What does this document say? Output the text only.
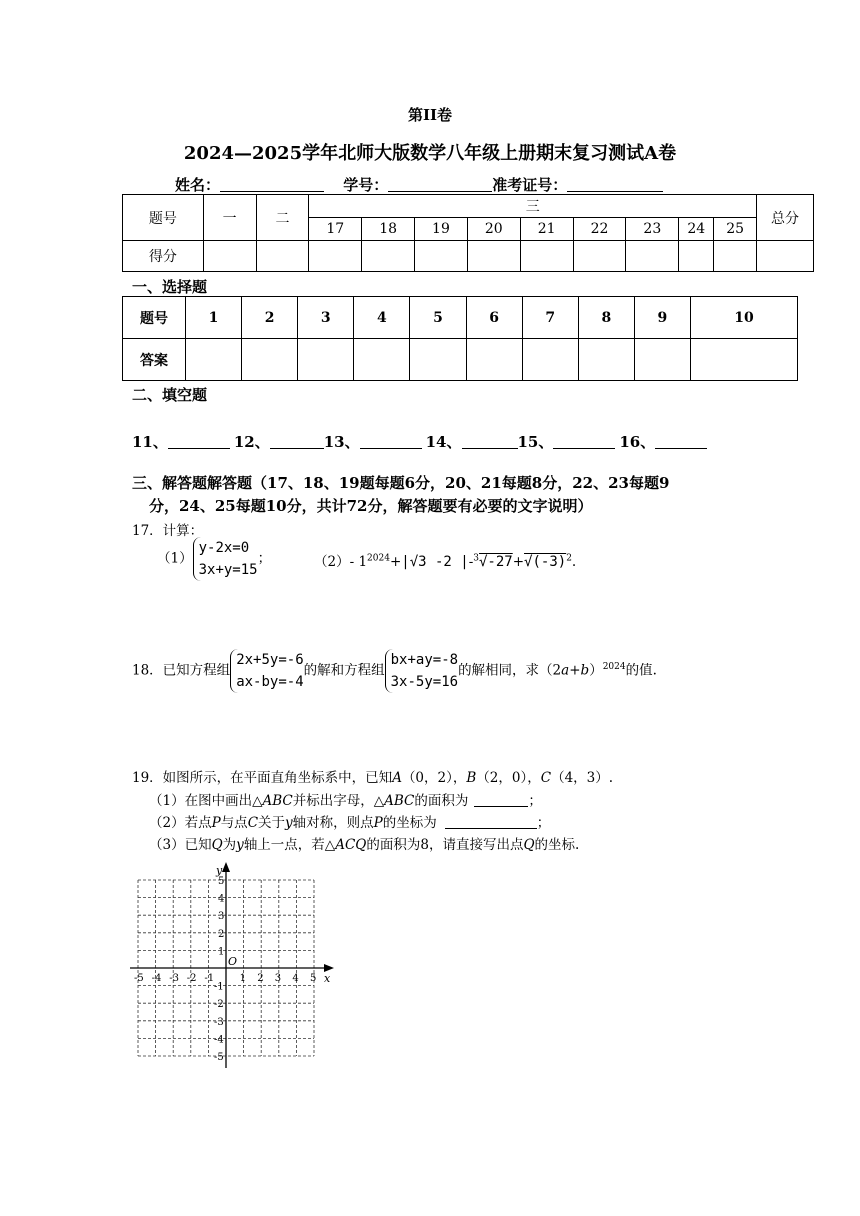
第II卷
2024—2025学年北师大版数学八年级上册期末复习测试A卷
姓名：	学号：	准考证号：
题号	一	二	三									总分
			17	18	19	20	21	22	23	24	25	
得分												
一、选择题
题号	1	2	3	4	5	6	7	8	9	10
答案										
二、填空题
11、	12、	13、	14、	15、	16、
三、解答题解答题（17、18、19题每题6分，20、21每题8分，22、23每题9
分，24、25每题10分，共计72分，解答题要有必要的文字说明）
17．计算：
（1）y-2x=0
3x+y=15；	（2）- $1^{2024}+|√3$ -2 $|-^3√-27+√(-3)^2$.
18．已知方程组2x+5y=-6
ax-by=-4的解和方程组bx+ay=-8
3x-5y=16的解相同，求$(2a+b)^{2024}$的值.
19．如图所示，在平面直角坐标系中，已知A（0，2），B（2，0），C（4，3）.
（1）在图中画出△ABC并标出字母，△ABC的面积为	；
（2）若点P与点C关于y轴对称，则点P的坐标为	；
（3）已知Q为y轴上一点，若△ACQ的面积为8，请直接写出点Q的坐标.
x
y
O
-5 -4 -3 -2 -1	1 2 3 4 5
5
4
3
2
1
-1
-2
-3
-4
-5
